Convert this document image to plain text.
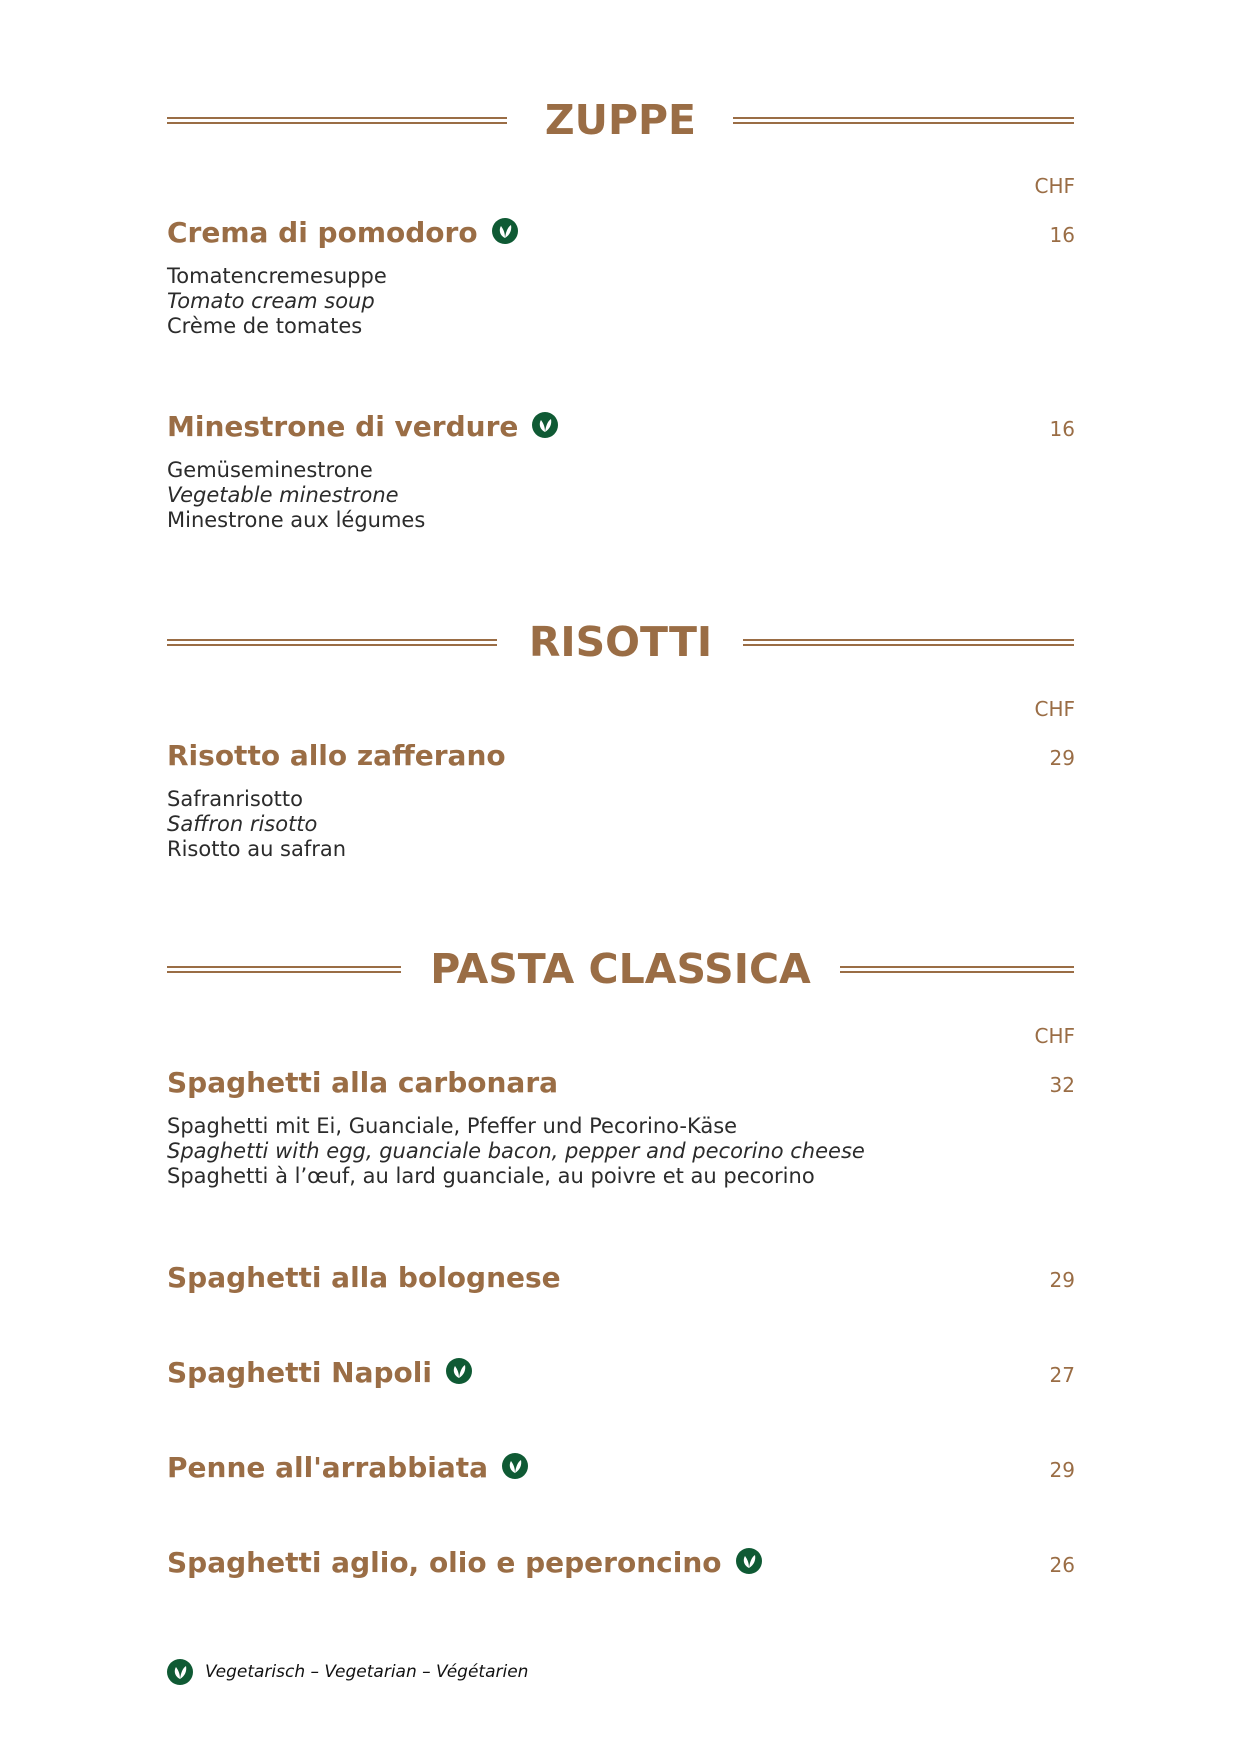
ZUPPE
CHF
Crema di pomodoro	16
Tomatencremesuppe
Tomato cream soup
Crème de tomates
Minestrone di verdure	16
Gemüseminestrone
Vegetable minestrone
Minestrone aux légumes
RISOTTI
CHF
Risotto allo zafferano	29
Safranrisotto
Saffron risotto
Risotto au safran
PASTA CLASSICA
CHF
Spaghetti alla carbonara	32
Spaghetti mit Ei, Guanciale, Pfeffer und Pecorino-Käse
Spaghetti with egg, guanciale bacon, pepper and pecorino cheese
Spaghetti à l’œuf, au lard guanciale, au poivre et au pecorino
Spaghetti alla bolognese	29
Spaghetti Napoli	27
Penne all'arrabbiata	29
Spaghetti aglio, olio e peperoncino	26
Vegetarisch – Vegetarian – Végétarien
